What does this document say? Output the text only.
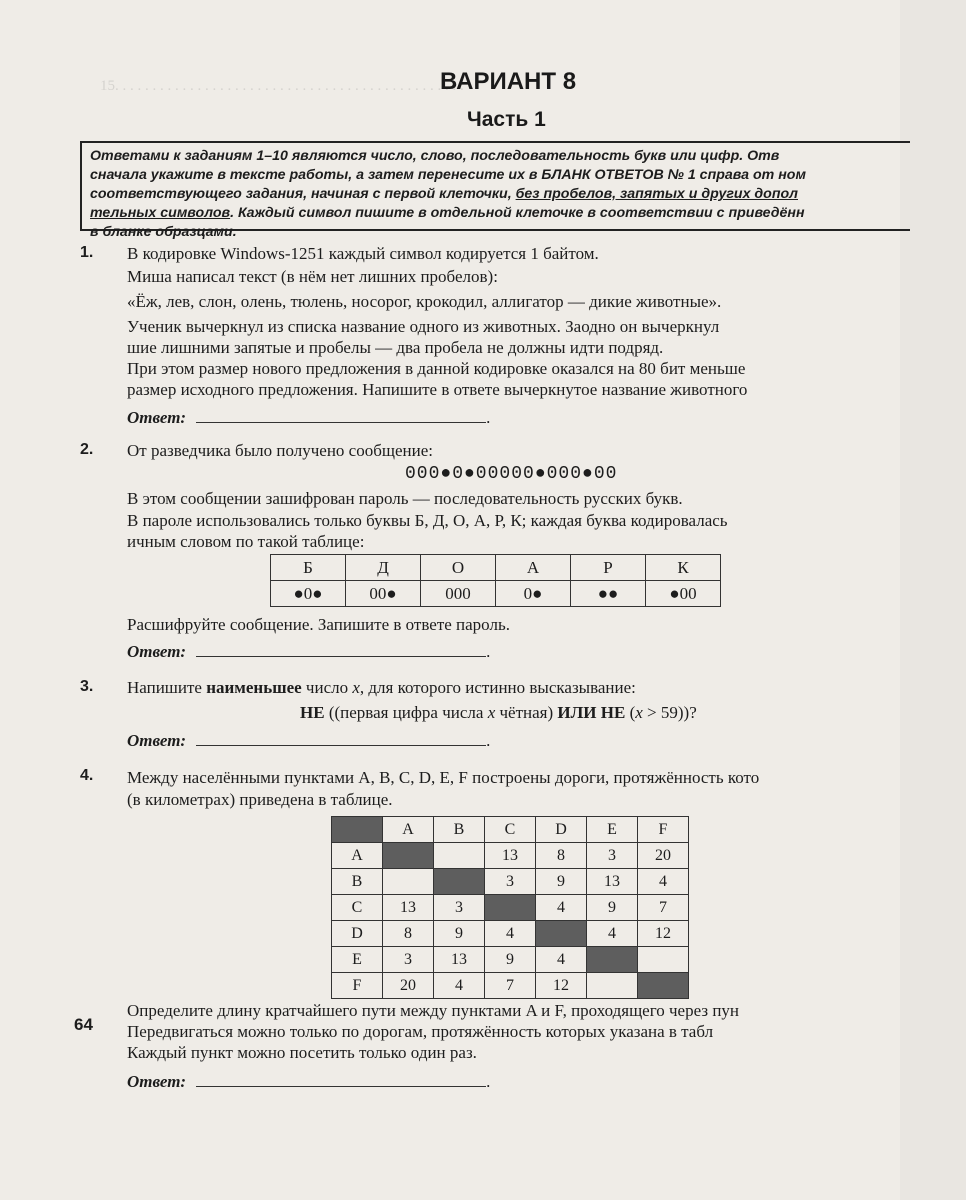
15. . . . . . . . . . . . . . . . . . . . . . . . . . . . . . . . . . . . . . . . . . . . . . .
ВАРИАНТ 8
Часть 1
Ответами к заданиям 1–10 являются число, слово, последовательность букв или цифр. Отв
сначала укажите в тексте работы, а затем перенесите их в БЛАНК ОТВЕТОВ № 1 справа от ном
соответствующего задания, начиная с первой клеточки, без пробелов, запятых и других допол
тельных символов. Каждый символ пишите в отдельной клеточке в соответствии с приведённ
в бланке образцами.
1. В кодировке Windows-1251 каждый символ кодируется 1 байтом.
Миша написал текст (в нём нет лишних пробелов):
«Ёж, лев, слон, олень, тюлень, носорог, крокодил, аллигатор — дикие животные».
Ученик вычеркнул из списка название одного из животных. Заодно он вычеркнул
шие лишними запятые и пробелы — два пробела не должны идти подряд.
При этом размер нового предложения в данной кодировке оказался на 80 бит меньше
размер исходного предложения. Напишите в ответе вычеркнутое название животного
Ответ:	.
2. От разведчика было получено сообщение:
000●0●00000●000●00
В этом сообщении зашифрован пароль — последовательность русских букв.
В пароле использовались только буквы Б, Д, О, А, Р, К; каждая буква кодировалась
ичным словом по такой таблице:
Б	Д	О	А	Р	К
●0●	00●	000	0●	●●	●00
Расшифруйте сообщение. Запишите в ответе пароль.
Ответ:	.
3. Напишите наименьшее число x, для которого истинно высказывание:
НЕ ((первая цифра числа x чётная) ИЛИ НЕ (x > 59))?
Ответ:	.
4. Между населёнными пунктами A, B, C, D, E, F построены дороги, протяжённость кото
(в километрах) приведена в таблице.
	A	B	C	D	E	F
A			13	8	3	20
B			3	9	13	4
C	13	3		4	9	7
D	8	9	4		4	12
E	3	13	9	4		
F	20	4	7	12		
Определите длину кратчайшего пути между пунктами A и F, проходящего через пун
Передвигаться можно только по дорогам, протяжённость которых указана в табл
Каждый пункт можно посетить только один раз.
Ответ:	.
64
